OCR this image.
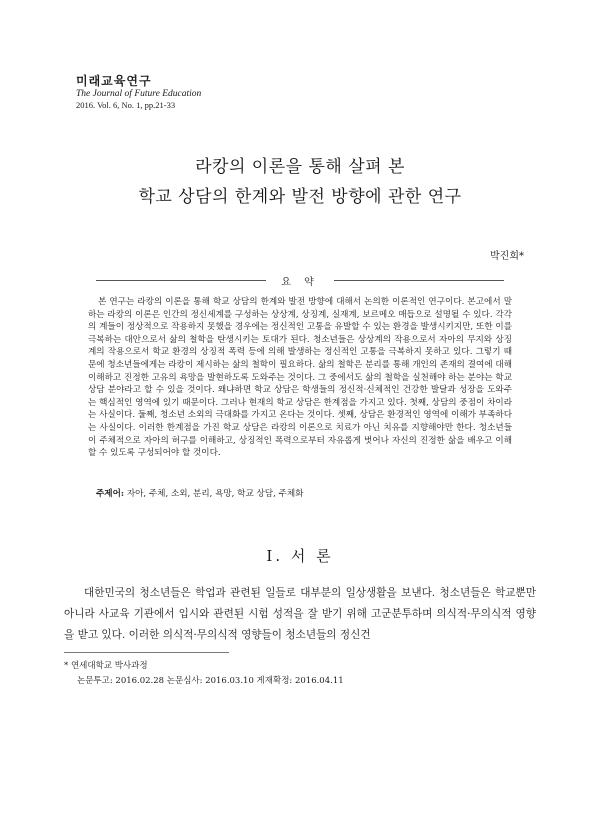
미래교육연구
The Journal of Future Education
2016. Vol. 6, No. 1, pp.21-33
라캉의 이론을 통해 살펴 본
학교 상담의 한계와 발전 방향에 관한 연구
박진희*
요 약

본 연구는 라캉의 이론을 통해 학교 상담의 한계와 발전 방향에 대해서 논의한 이론적인 연구이다. 본고에서 말하는 라캉의 이론은 인간의 정신세계를 구성하는 상상계, 상징계, 실재계, 보르메오 매듭으로 설명될 수 있다. 각각의 계들이 정상적으로 작용하지 못했을 경우에는 정신적인 고통을 유발할 수 있는 환경을 발생시키지만, 또한 이를 극복하는 대안으로서 삶의 철학을 탄생시키는 토대가 된다. 청소년들은 상상계의 작용으로서 자아의 무지와 상징계의 작용으로서 학교 환경의 상징적 폭력 등에 의해 발생하는 정신적인 고통을 극복하지 못하고 있다. 그렇기 때문에 청소년들에게는 라캉이 제시하는 삶의 철학이 필요하다. 삶의 철학은 분리를 통해 개인의 존재의 결여에 대해 이해하고 진정한 고유의 욕망을 발현하도록 도와주는 것이다. 그 중에서도 삶의 철학을 실천해야 하는 분야는 학교 상담 분야라고 할 수 있을 것이다. 왜냐하면 학교 상담은 학생들의 정신적·신체적인 건강한 발달과 성장을 도와주는 핵심적인 영역에 있기 때문이다. 그러나 현재의 학교 상담은 한계점을 가지고 있다. 첫째, 상담의 중점이 차이라는 사실이다. 둘째, 청소년 소외의 극대화를 가지고 온다는 것이다. 셋째, 상담은 환경적인 영역에 이해가 부족하다는 사실이다. 이러한 한계점을 가진 학교 상담은 라캉의 이론으로 치료가 아닌 치유를 지향해야만 한다. 청소년들이 주체적으로 자아의 허구를 이해하고, 상징적인 폭력으로부터 자유롭게 벗어나 자신의 진정한 삶을 배우고 이해할 수 있도록 구성되어야 할 것이다.

주제어: 자아, 주체, 소외, 분리, 욕망, 학교 상담, 주체화
I. 서 론

대한민국의 청소년들은 학업과 관련된 일들로 대부분의 일상생활을 보낸다. 청소년들은 학교뿐만 아니라 사교육 기관에서 입시와 관련된 시험 성적을 잘 받기 위해 고군분투하며 의식적·무의식적 영향을 받고 있다. 이러한 의식적·무의식적 영향들이 청소년들의 정신건

* 연세대학교 박사과정
논문투고: 2016.02.28 논문심사: 2016.03.10 게재확정: 2016.04.11
